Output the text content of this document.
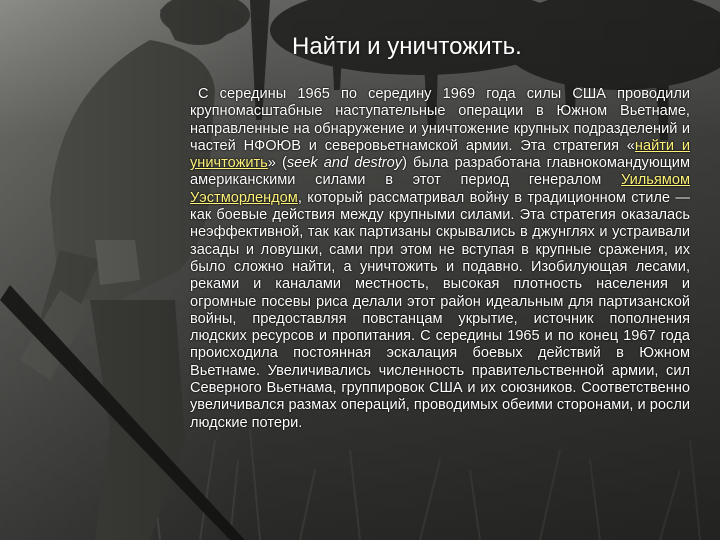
Найти и уничтожить.

С середины 1965 по середину 1969 года силы США проводили крупномасштабные наступательные операции в Южном Вьетнаме, направленные на обнаружение и уничтожение крупных подразделений и частей НФОЮВ и северовьетнамской армии. Эта стратегия «найти и уничтожить» (seek and destroy) была разработана главнокомандующим американскими силами в этот период генералом Уильямом Уэстморлендом, который рассматривал войну в традиционном стиле — как боевые действия между крупными силами. Эта стратегия оказалась неэффективной, так как партизаны скрывались в джунглях и устраивали засады и ловушки, сами при этом не вступая в крупные сражения, их было сложно найти, а уничтожить и подавно. Изобилующая лесами, реками и каналами местность, высокая плотность населения и огромные посевы риса делали этот район идеальным для партизанской войны, предоставляя повстанцам укрытие, источник пополнения людских ресурсов и пропитания. С середины 1965 и по конец 1967 года происходила постоянная эскалация боевых действий в Южном Вьетнаме. Увеличивались численность правительственной армии, сил Северного Вьетнама, группировок США и их союзников. Соответственно увеличивался размах операций, проводимых обеими сторонами, и росли людские потери.
